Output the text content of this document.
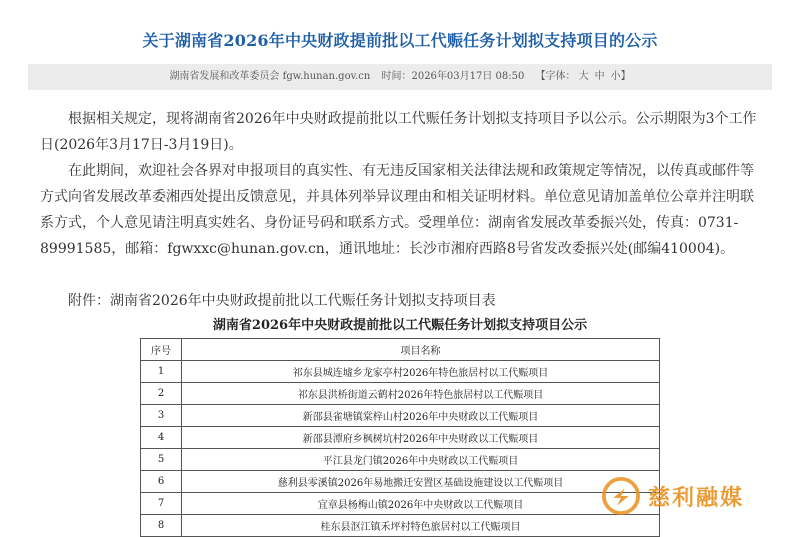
关于湖南省2026年中央财政提前批以工代赈任务计划拟支持项目的公示
湖南省发展和改革委员会 fgw.hunan.gov.cn 时间：2026年03月17日 08:50 【字体： 大 中 小】

根据相关规定，现将湖南省2026年中央财政提前批以工代赈任务计划拟支持项目予以公示。公示期限为3个工作日(2026年3月17日-3月19日)。

在此期间，欢迎社会各界对申报项目的真实性、有无违反国家相关法律法规和政策规定等情况，以传真或邮件等方式向省发展改革委湘西处提出反馈意见，并具体列举异议理由和相关证明材料。单位意见请加盖单位公章并注明联系方式，个人意见请注明真实姓名、身份证号码和联系方式。受理单位：湖南省发展改革委振兴处，传真：0731-89991585，邮箱：fgwxxc@hunan.gov.cn，通讯地址：长沙市湘府西路8号省发改委振兴处(邮编410004)。

附件：湖南省2026年中央财政提前批以工代赈任务计划拟支持项目表
湖南省2026年中央财政提前批以工代赈任务计划拟支持项目公示
序号	项目名称
1	祁东县城连墟乡龙家亭村2026年特色旅居村以工代赈项目
2	祁东县洪桥街道云鹤村2026年特色旅居村以工代赈项目
3	新邵县雀塘镇棠梓山村2026年中央财政以工代赈项目
4	新邵县潭府乡枫树坑村2026年中央财政以工代赈项目
5	平江县龙门镇2026年中央财政以工代赈项目
6	慈利县零溪镇2026年易地搬迁安置区基础设施建设以工代赈项目
7	宜章县杨梅山镇2026年中央财政以工代赈项目
8	桂东县沤江镇禾坪村特色旅居村以工代赈项目
慈利融媒
